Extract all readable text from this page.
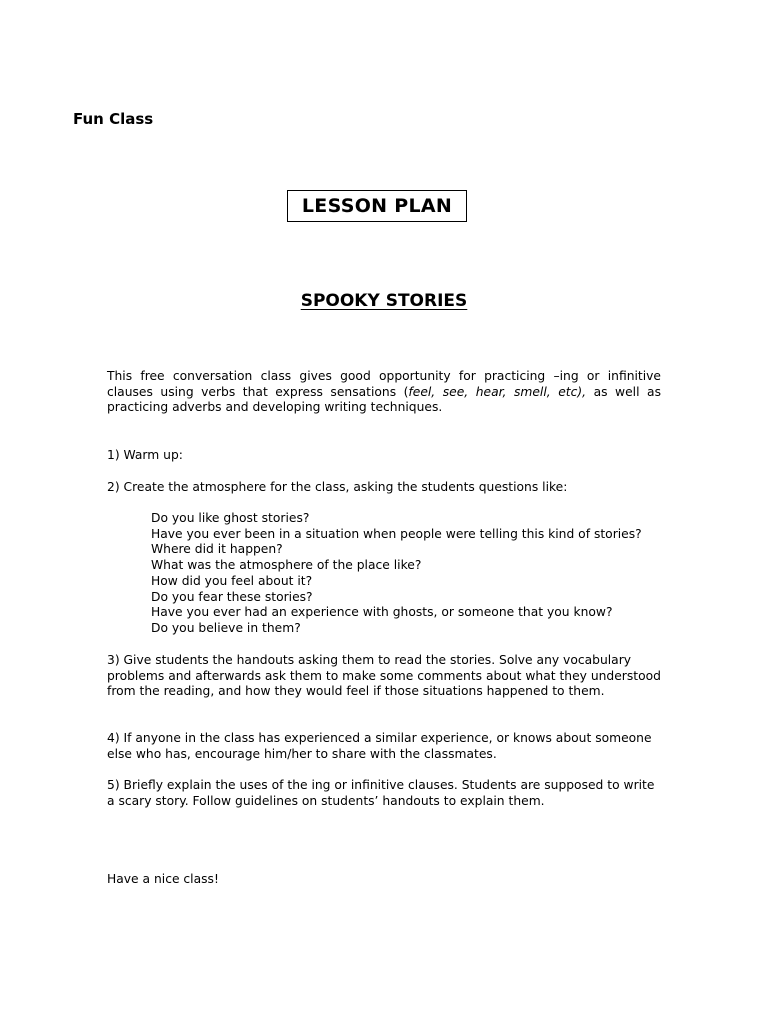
Fun Class
LESSON PLAN
SPOOKY STORIES

This free conversation class gives good opportunity for practicing –ing or infinitive clauses using verbs that express sensations (feel, see, hear, smell, etc), as well as practicing adverbs and developing writing techniques.

1) Warm up:

2) Create the atmosphere for the class, asking the students questions like:

Do you like ghost stories?
Have you ever been in a situation when people were telling this kind of stories?
Where did it happen?
What was the atmosphere of the place like?
How did you feel about it?
Do you fear these stories?
Have you ever had an experience with ghosts, or someone that you know?
Do you believe in them?

3) Give students the handouts asking them to read the stories. Solve any vocabulary problems and afterwards ask them to make some comments about what they understood from the reading, and how they would feel if those situations happened to them.

4) If anyone in the class has experienced a similar experience, or knows about someone else who has, encourage him/her to share with the classmates.

5) Briefly explain the uses of the ing or infinitive clauses. Students are supposed to write a scary story. Follow guidelines on students’ handouts to explain them.

Have a nice class!
